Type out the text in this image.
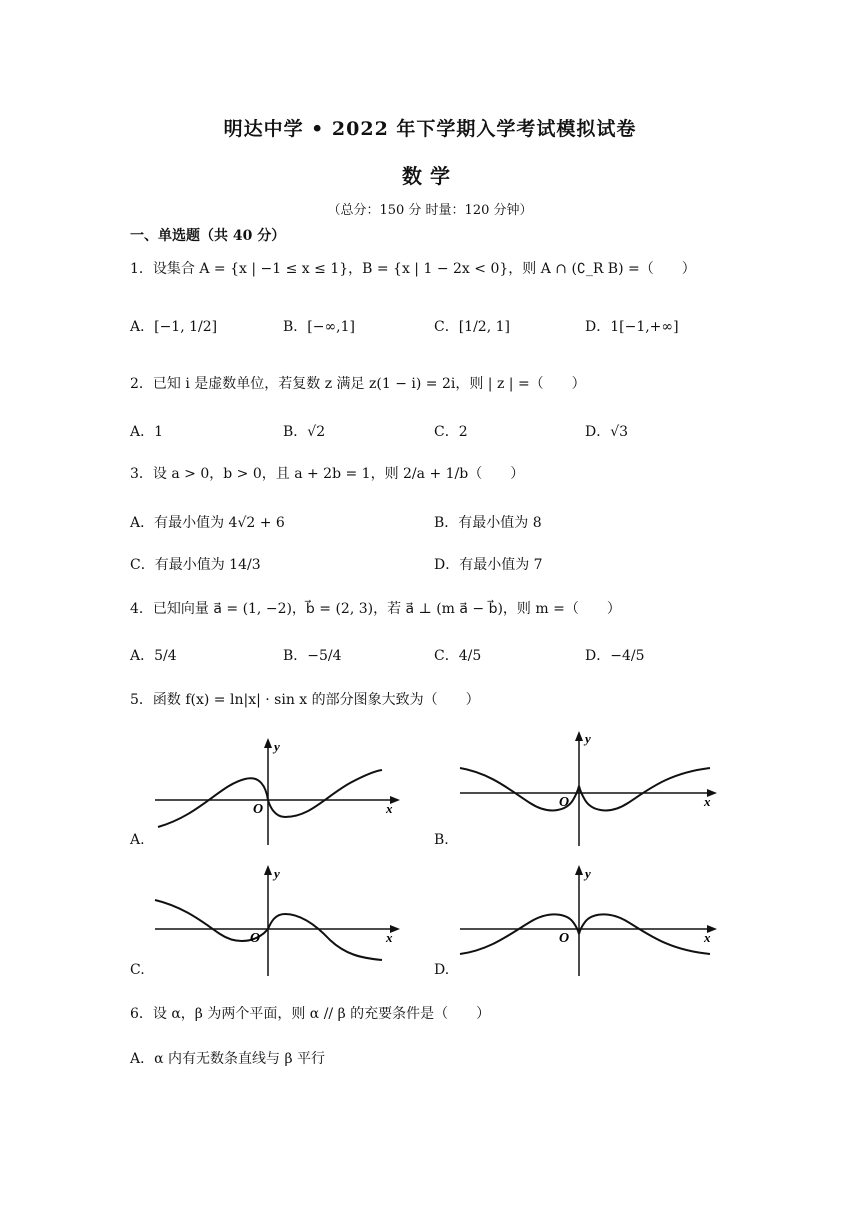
明达中学 • 2022 年下学期入学考试模拟试卷
数学
（总分：150 分 时量：120 分钟）
一、单选题（共 40 分）
1．设集合 A = {x | −1 ≤ x ≤ 1}，B = {x | 1 − 2x < 0}，则 A ∩ (∁_R B) =（　　）
A．[−1, 1/2]	B．[−∞,1]	C．[1/2, 1]	D．1[−1,+∞]
2．已知 i 是虚数单位，若复数 z 满足 z(1 − i) = 2i，则 | z | =（　　）
A．1	B．√2	C．2	D．√3
3．设 a > 0，b > 0，且 a + 2b = 1，则 2/a + 1/b（　　）
A．有最小值为 4√2 + 6	B．有最小值为 8
C．有最小值为 14/3	D．有最小值为 7
4．已知向量 a⃗ = (1, −2)，b⃗ = (2, 3)，若 a⃗ ⊥ (m a⃗ − b⃗)，则 m =（　　）
A．5/4	B．−5/4	C．4/5	D．−4/5
5．函数 f(x) = ln|x| · sin x 的部分图象大致为（　　）
y
x
O
A.
y
x
O
B.
y
x
O
C.
y
x
O
D.
6．设 α，β 为两个平面，则 α // β 的充要条件是（　　）
A．α 内有无数条直线与 β 平行
